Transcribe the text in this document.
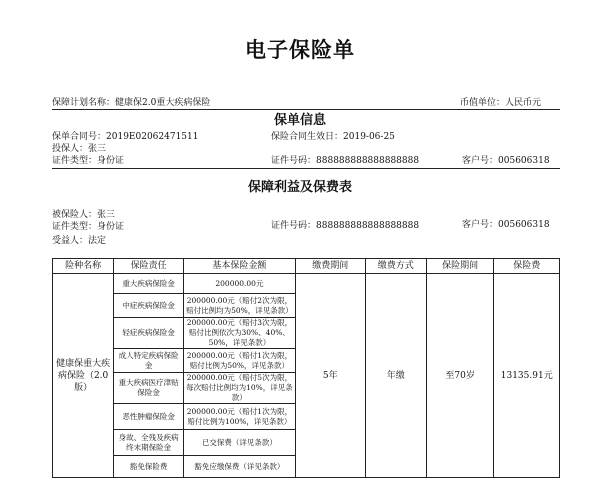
电子保险单
保障计划名称：健康保2.0重大疾病保险	币值单位：人民币元
保单信息
保单合同号：2019E02062471511	保险合同生效日：2019-06-25
投保人：张三
证件类型：身份证	证件号码：888888888888888888	客户号：005606318
保障利益及保费表
被保险人：张三
证件类型：身份证	证件号码：888888888888888888	客户号：005606318
受益人：法定
险种名称	保险责任	基本保险金额	缴费期间	缴费方式	保险期间	保险费
健康保重大疾病保险（2.0版）	重大疾病保险金	200000.00元	5年	年缴	至70岁	13135.91元
	中症疾病保险金	200000.00元（赔付2次为限，赔付比例均为50%，详见条款）				
	轻症疾病保险金	200000.00元（赔付3次为限，赔付比例依次为30%、40%、50%，详见条款）				
	成人特定疾病保险金	200000.00元（赔付1次为限，赔付比例为50%，详见条款）				
	重大疾病医疗津贴保险金	200000.00元（赔付5次为限，每次赔付比例均为10%，详见条款）				
	恶性肿瘤保险金	200000.00元（赔付1次为限，赔付比例为100%，详见条款）				
	身故、全残及疾病终末期保险金	已交保费（详见条款）				
	豁免保险费	豁免应缴保费（详见条款）				
